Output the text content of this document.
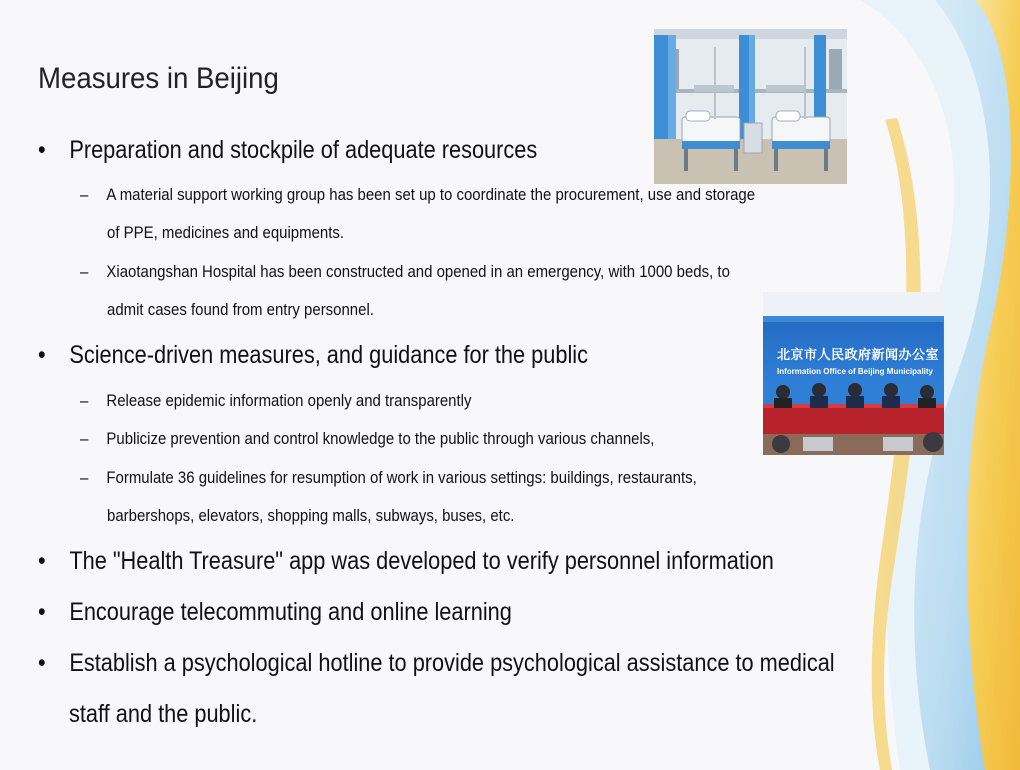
Measures in Beijing
• Preparation and stockpile of adequate resources
– A material support working group has been set up to coordinate the procurement, use and storage
of PPE, medicines and equipments.
– Xiaotangshan Hospital has been constructed and opened in an emergency, with 1000 beds, to
admit cases found from entry personnel.
• Science-driven measures, and guidance for the public
– Release epidemic information openly and transparently
– Publicize prevention and control knowledge to the public through various channels,
– Formulate 36 guidelines for resumption of work in various settings: buildings, restaurants,
barbershops, elevators, shopping malls, subways, buses, etc.
• The "Health Treasure" app was developed to verify personnel information
• Encourage telecommuting and online learning
• Establish a psychological hotline to provide psychological assistance to medical
staff and the public.
北京市人民政府新闻办公室
Information Office of Beijing Municipality
